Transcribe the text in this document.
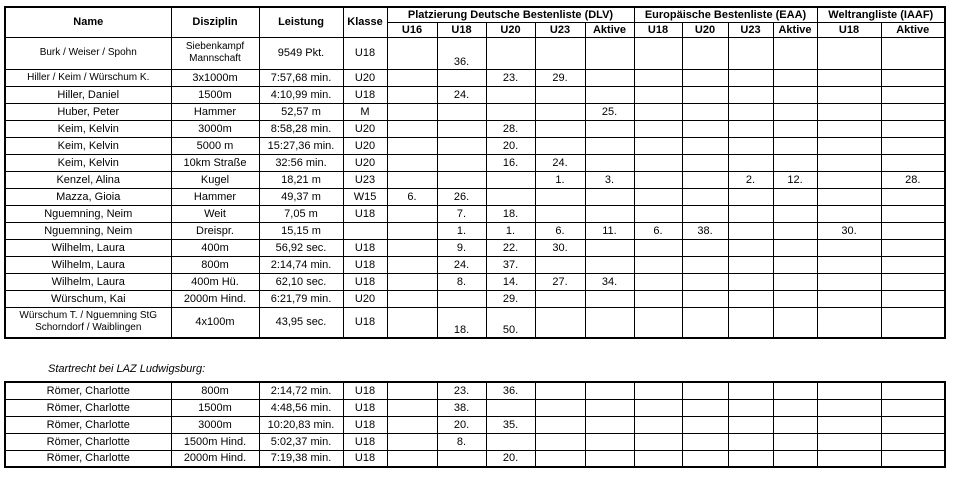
Name	Disziplin	Leistung	Klasse	Platzierung Deutsche Bestenliste (DLV)					Europäische Bestenliste (EAA)				Weltrangliste (IAAF)	
				U16	U18	U20	U23	Aktive	U18	U20	U23	Aktive	U18	Aktive
Burk / Weiser / Spohn	Siebenkampf Mannschaft	9549 Pkt.	U18		36.									
Hiller / Keim / Würschum K.	3x1000m	7:57,68 min.	U20			23.	29.							
Hiller, Daniel	1500m	4:10,99 min.	U18		24.									
Huber, Peter	Hammer	52,57 m	M					25.						
Keim, Kelvin	3000m	8:58,28 min.	U20			28.								
Keim, Kelvin	5000 m	15:27,36 min.	U20			20.								
Keim, Kelvin	10km Straße	32:56 min.	U20			16.	24.							
Kenzel, Alina	Kugel	18,21 m	U23				1.	3.			2.	12.		28.
Mazza, Gioia	Hammer	49,37 m	W15	6.	26.									
Nguemning, Neim	Weit	7,05 m	U18		7.	18.								
Nguemning, Neim	Dreispr.	15,15 m			1.	1.	6.	11.	6.	38.			30.	
Wilhelm, Laura	400m	56,92 sec.	U18		9.	22.	30.							
Wilhelm, Laura	800m	2:14,74 min.	U18		24.	37.								
Wilhelm, Laura	400m Hü.	62,10 sec.	U18		8.	14.	27.	34.						
Würschum, Kai	2000m Hind.	6:21,79 min.	U20			29.								
Würschum T. / Nguemning StG Schorndorf / Waiblingen	4x100m	43,95 sec.	U18		18.	50.								
Startrecht bei LAZ Ludwigsburg:
Römer, Charlotte	800m	2:14,72 min.	U18		23.	36.								
Römer, Charlotte	1500m	4:48,56 min.	U18		38.									
Römer, Charlotte	3000m	10:20,83 min.	U18		20.	35.								
Römer, Charlotte	1500m Hind.	5:02,37 min.	U18		8.									
Römer, Charlotte	2000m Hind.	7:19,38 min.	U18			20.								
